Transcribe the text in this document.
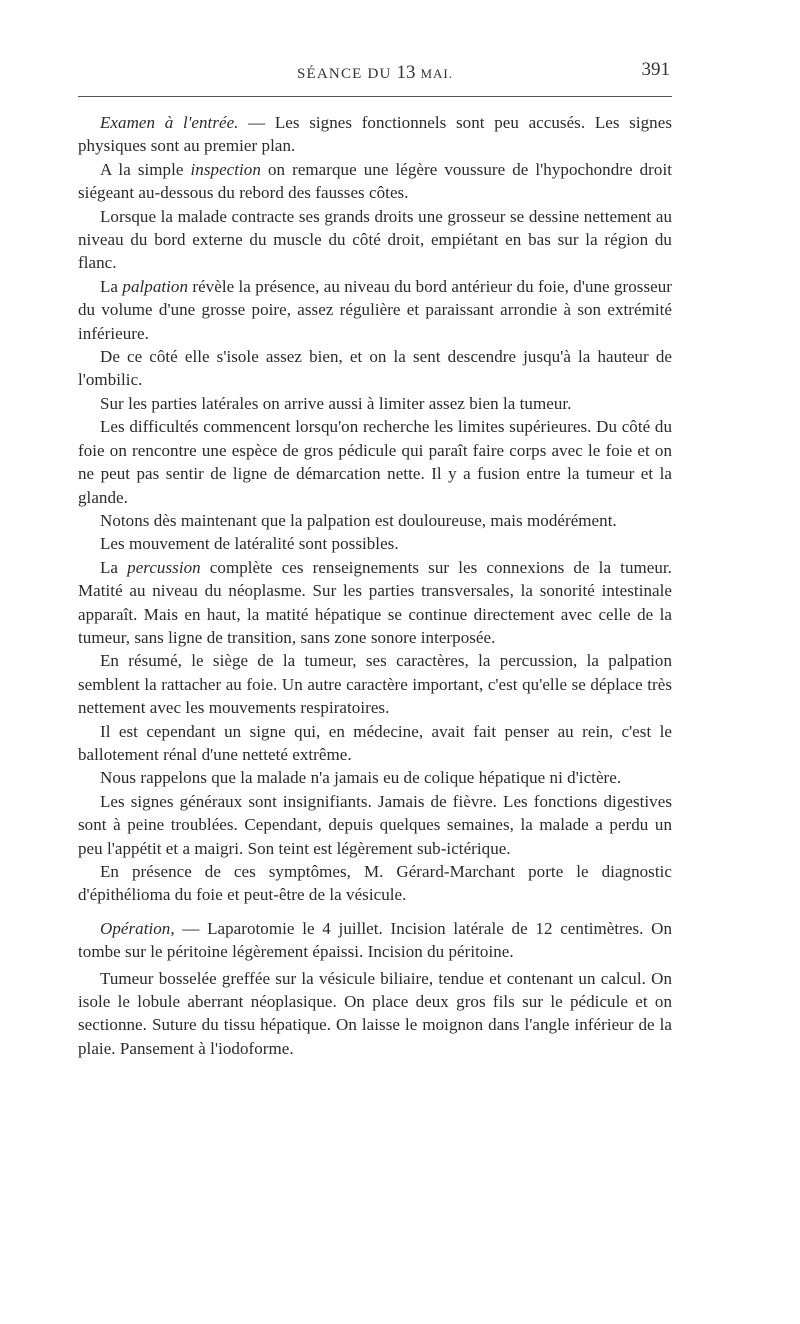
SÉANCE DU 13 MAI.	391

Examen à l'entrée. — Les signes fonctionnels sont peu accusés. Les signes physiques sont au premier plan.

A la simple inspection on remarque une légère voussure de l'hypochondre droit siégeant au-dessous du rebord des fausses côtes.

Lorsque la malade contracte ses grands droits une grosseur se dessine nettement au niveau du bord externe du muscle du côté droit, empiétant en bas sur la région du flanc.

La palpation révèle la présence, au niveau du bord antérieur du foie, d'une grosseur du volume d'une grosse poire, assez régulière et paraissant arrondie à son extrémité inférieure.

De ce côté elle s'isole assez bien, et on la sent descendre jusqu'à la hauteur de l'ombilic.

Sur les parties latérales on arrive aussi à limiter assez bien la tumeur.

Les difficultés commencent lorsqu'on recherche les limites supérieures. Du côté du foie on rencontre une espèce de gros pédicule qui paraît faire corps avec le foie et on ne peut pas sentir de ligne de démarcation nette. Il y a fusion entre la tumeur et la glande.

Notons dès maintenant que la palpation est douloureuse, mais modérément.

Les mouvement de latéralité sont possibles.

La percussion complète ces renseignements sur les connexions de la tumeur. Matité au niveau du néoplasme. Sur les parties transversales, la sonorité intestinale apparaît. Mais en haut, la matité hépatique se continue directement avec celle de la tumeur, sans ligne de transition, sans zone sonore interposée.

En résumé, le siège de la tumeur, ses caractères, la percussion, la palpation semblent la rattacher au foie. Un autre caractère important, c'est qu'elle se déplace très nettement avec les mouvements respiratoires.

Il est cependant un signe qui, en médecine, avait fait penser au rein, c'est le ballotement rénal d'une netteté extrême.

Nous rappelons que la malade n'a jamais eu de colique hépatique ni d'ictère.

Les signes généraux sont insignifiants. Jamais de fièvre. Les fonctions digestives sont à peine troublées. Cependant, depuis quelques semaines, la malade a perdu un peu l'appétit et a maigri. Son teint est légèrement sub-ictérique.

En présence de ces symptômes, M. Gérard-Marchant porte le diagnostic d'épithélioma du foie et peut-être de la vésicule.

Opération, — Laparotomie le 4 juillet. Incision latérale de 12 centimètres. On tombe sur le péritoine légèrement épaissi. Incision du péritoine.

Tumeur bosselée greffée sur la vésicule biliaire, tendue et contenant un calcul. On isole le lobule aberrant néoplasique. On place deux gros fils sur le pédicule et on sectionne. Suture du tissu hépatique. On laisse le moignon dans l'angle inférieur de la plaie. Pansement à l'iodoforme.
